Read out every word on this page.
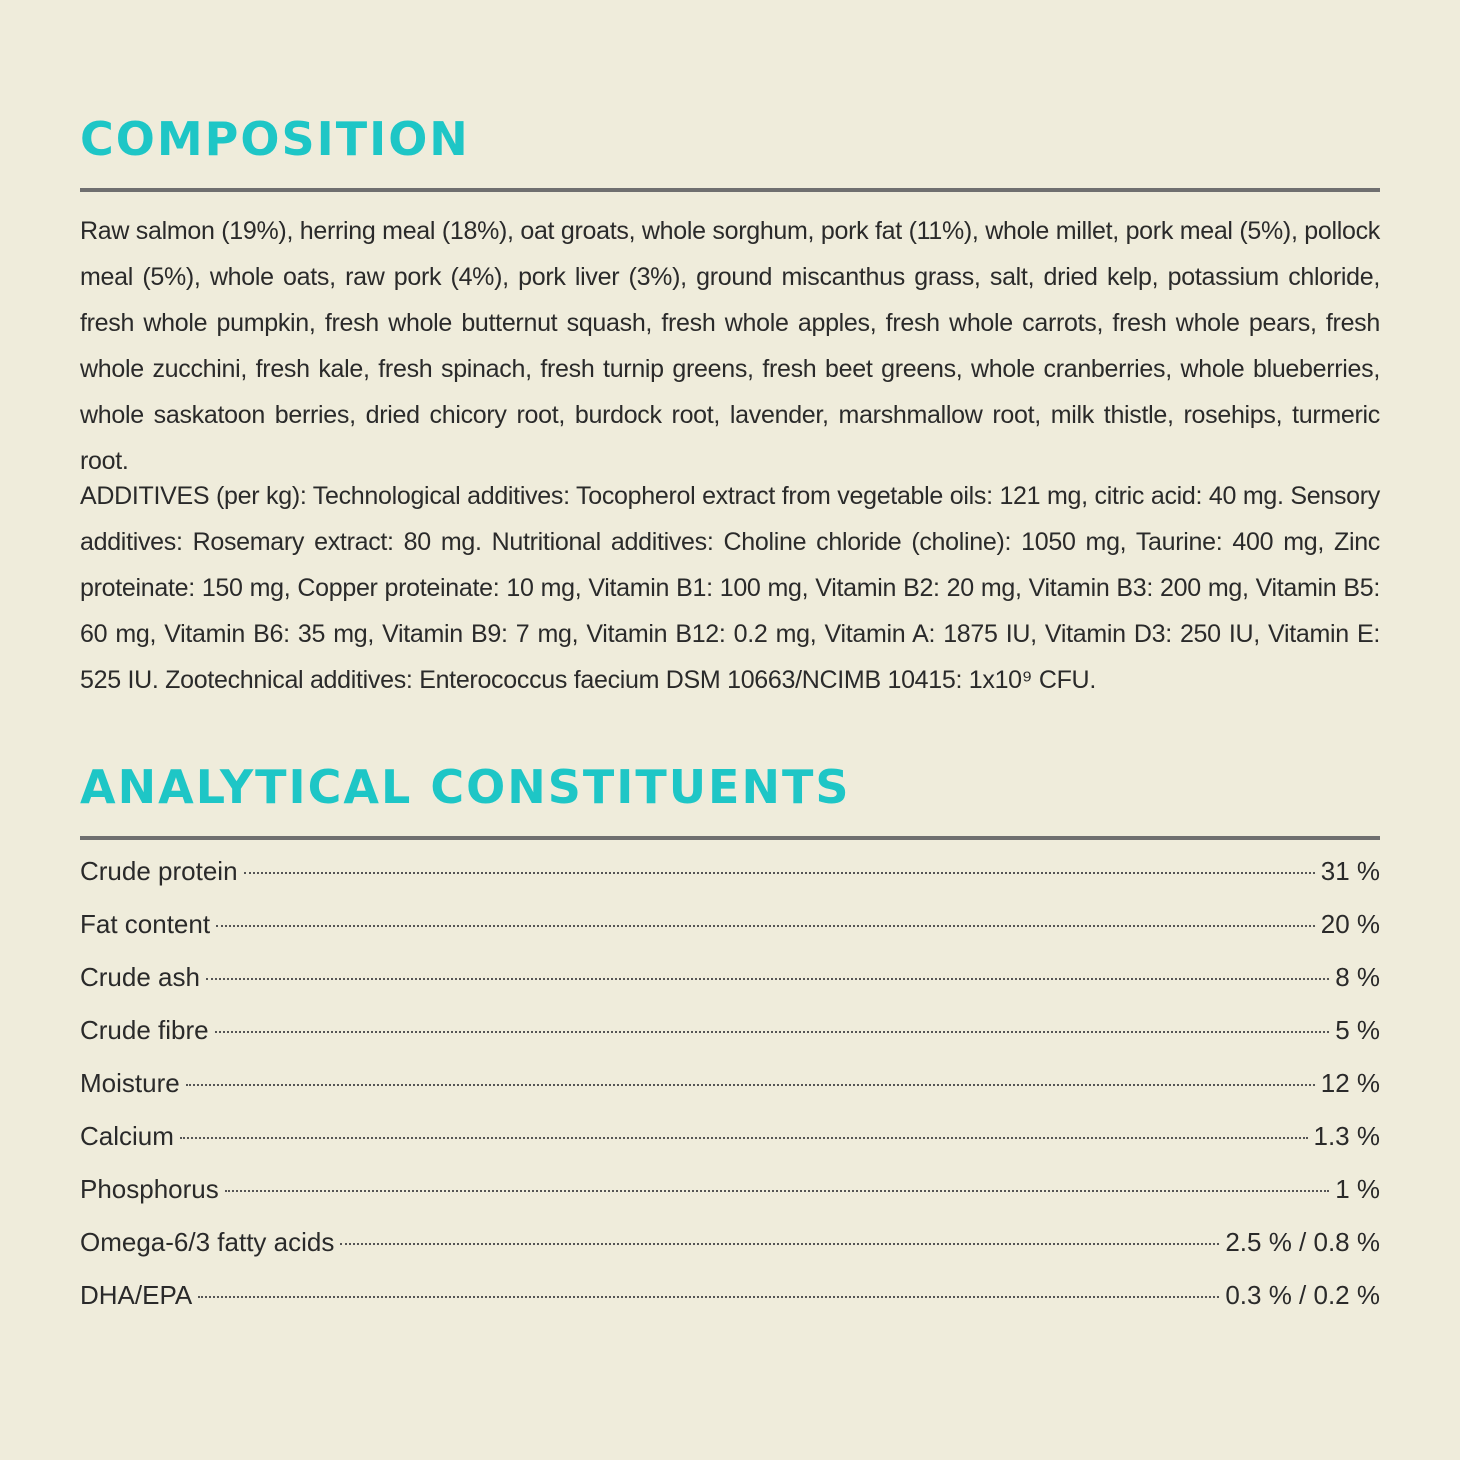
COMPOSITION

Raw salmon (19%), herring meal (18%), oat groats, whole sorghum, pork fat (11%), whole millet, pork meal (5%), pollock meal (5%), whole oats, raw pork (4%), pork liver (3%), ground miscanthus grass, salt, dried kelp, potassium chloride, fresh whole pumpkin, fresh whole butternut squash, fresh whole apples, fresh whole carrots, fresh whole pears, fresh whole zucchini, fresh kale, fresh spinach, fresh turnip greens, fresh beet greens, whole cranberries, whole blueberries, whole saskatoon berries, dried chicory root, burdock root, lavender, marshmallow root, milk thistle, rosehips, turmeric root.

ADDITIVES (per kg): Technological additives: Tocopherol extract from vegetable oils: 121 mg, citric acid: 40 mg. Sensory additives: Rosemary extract: 80 mg. Nutritional additives: Choline chloride (choline): 1050 mg, Taurine: 400 mg, Zinc proteinate: 150 mg, Copper proteinate: 10 mg, Vitamin B1: 100 mg, Vitamin B2: 20 mg, Vitamin B3: 200 mg, Vitamin B5: 60 mg, Vitamin B6: 35 mg, Vitamin B9: 7 mg, Vitamin B12: 0.2 mg, Vitamin A: 1875 IU, Vitamin D3: 250 IU, Vitamin E: 525 IU. Zootechnical additives: Enterococcus faecium DSM 10663/NCIMB 10415: 1x10⁹ CFU.

ANALYTICAL CONSTITUENTS
Crude protein	31 %
Fat content	20 %
Crude ash	8 %
Crude fibre	5 %
Moisture	12 %
Calcium	1.3 %
Phosphorus	1 %
Omega-6/3 fatty acids	2.5 % / 0.8 %
DHA/EPA	0.3 % / 0.2 %
